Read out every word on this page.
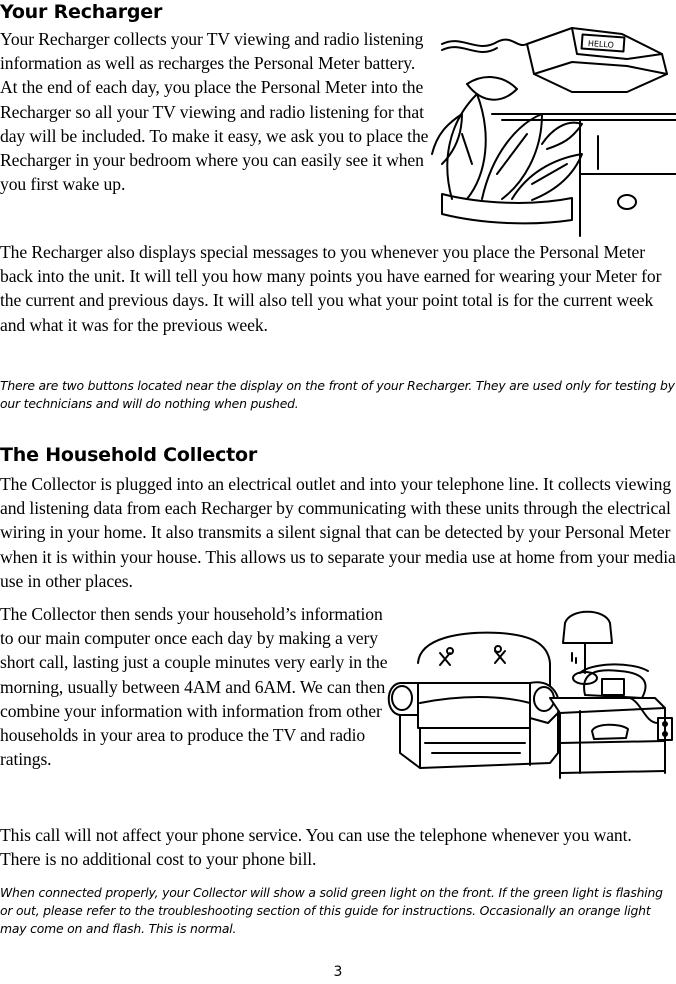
Your Recharger

Your Recharger collects your TV viewing and radio listening information as well as recharges the Personal Meter battery. At the end of each day, you place the Personal Meter into the Recharger so all your TV viewing and radio listening for that day will be included. To make it easy, we ask you to place the Recharger in your bedroom where you can easily see it when you first wake up.

HELLO

The Recharger also displays special messages to you whenever you place the Personal Meter back into the unit. It will tell you how many points you have earned for wearing your Meter for the current and previous days. It will also tell you what your point total is for the current week and what it was for the previous week.

There are two buttons located near the display on the front of your Recharger. They are used only for testing by our technicians and will do nothing when pushed.

The Household Collector

The Collector is plugged into an electrical outlet and into your telephone line. It collects viewing and listening data from each Recharger by communicating with these units through the electrical wiring in your home. It also transmits a silent signal that can be detected by your Personal Meter when it is within your house. This allows us to separate your media use at home from your media use in other places.

The Collector then sends your household’s information to our main computer once each day by making a very short call, lasting just a couple minutes very early in the morning, usually between 4AM and 6AM. We can then combine your information with information from other households in your area to produce the TV and radio ratings.

This call will not affect your phone service. You can use the telephone whenever you want. There is no additional cost to your phone bill.

When connected properly, your Collector will show a solid green light on the front. If the green light is flashing or out, please refer to the troubleshooting section of this guide for instructions. Occasionally an orange light may come on and flash. This is normal.

3
